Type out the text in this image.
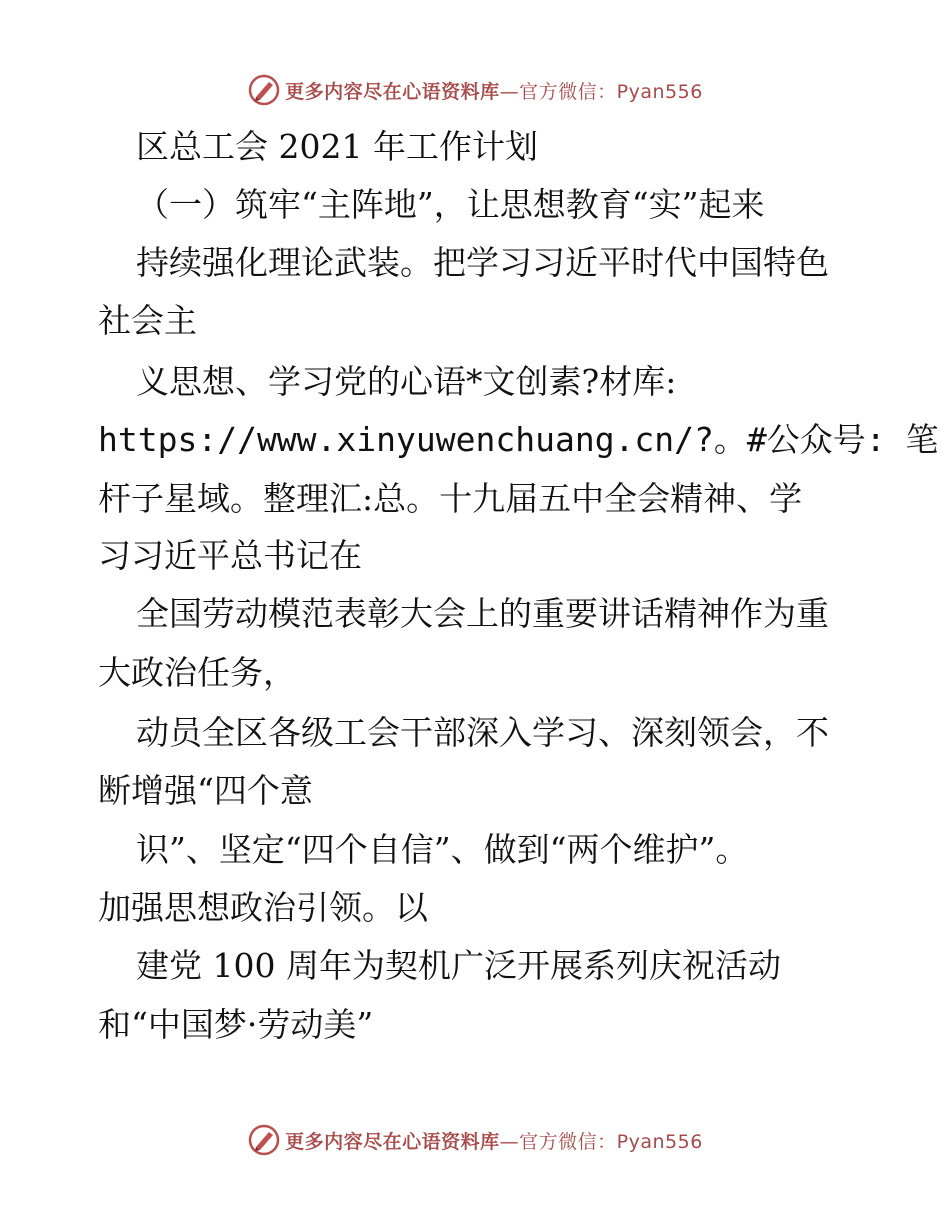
更多内容尽在心语资料库—官方微信：Pyan556
区总工会 2021 年工作计划
（一）筑牢“主阵地”，让思想教育“实”起来
持续强化理论武装。把学习习近平时代中国特色
社会主
义思想、学习党的心语*文创素?材库:
https://www.xinyuwenchuang.cn/?。#公众号: 笔
杆子星域。整理汇:总。十九届五中全会精神、学
习习近平总书记在
全国劳动模范表彰大会上的重要讲话精神作为重
大政治任务，
动员全区各级工会干部深入学习、深刻领会，不
断增强“四个意
识”、坚定“四个自信”、做到“两个维护”。
加强思想政治引领。以
建党 100 周年为契机广泛开展系列庆祝活动
和“中国梦·劳动美”
更多内容尽在心语资料库—官方微信：Pyan556
